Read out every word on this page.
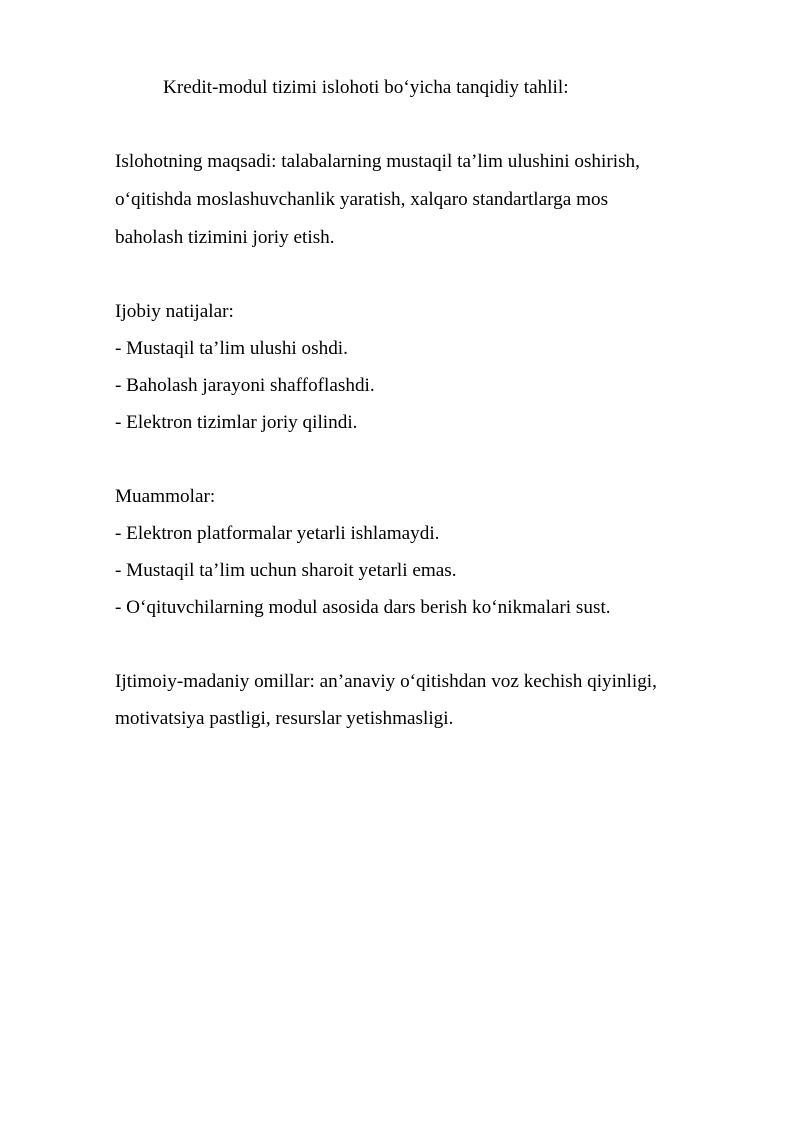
Kredit-modul tizimi islohoti bo‘yicha tanqidiy tahlil:

Islohotning maqsadi: talabalarning mustaqil ta’lim ulushini oshirish,

o‘qitishda moslashuvchanlik yaratish, xalqaro standartlarga mos

baholash tizimini joriy etish.

Ijobiy natijalar:

- Mustaqil ta’lim ulushi oshdi.

- Baholash jarayoni shaffoflashdi.

- Elektron tizimlar joriy qilindi.

Muammolar:

- Elektron platformalar yetarli ishlamaydi.

- Mustaqil ta’lim uchun sharoit yetarli emas.

- O‘qituvchilarning modul asosida dars berish ko‘nikmalari sust.

Ijtimoiy-madaniy omillar: an’anaviy o‘qitishdan voz kechish qiyinligi,

motivatsiya pastligi, resurslar yetishmasligi.
